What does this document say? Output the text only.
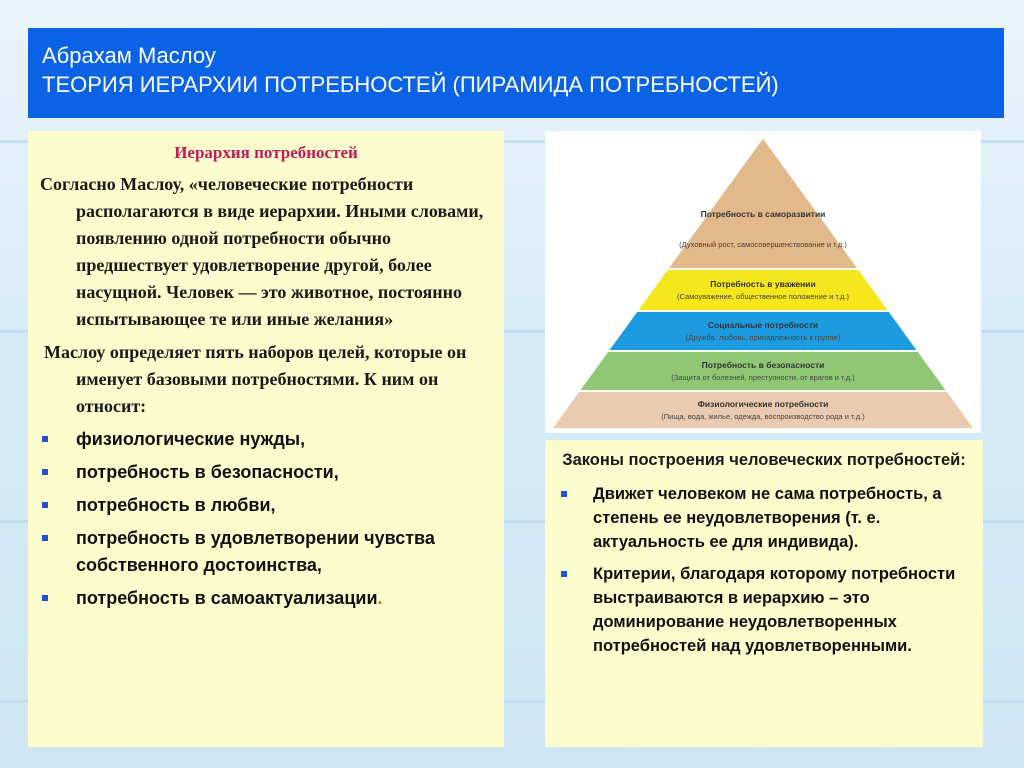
Абрахам Маслоу
ТЕОРИЯ ИЕРАРХИИ ПОТРЕБНОСТЕЙ (ПИРАМИДА ПОТРЕБНОСТЕЙ)
Иерархия потребностей

Согласно Маслоу, «человеческие потребности располагаются в виде иерархии. Иными словами, появлению одной потребности обычно предшествует удовлетворение другой, более насущной. Человек — это животное, постоянно испытывающее те или иные желания»

Маслоу определяет пять наборов целей, которые он именует базовыми потребностями. К ним он относит:

физиологические нужды,
потребность в безопасности,
потребность в любви,
потребность в удовлетворении чувства собственного достоинства,
потребность в самоактуализации.
Потребность в саморазвитии
(Духовный рост, самосовершенствование и т.д.)
Потребность в уважении
(Самоуважение, общественное положение и т.д.)
Социальные потребности
(Дружба, любовь, принадлежность к группе)
Потребность в безопасности
(Защита от болезней, преступности, от врагов и т.д.)
Физиологические потребности
(Пища, вода, жилье, одежда, воспроизводство рода и т.д.)
Законы построения человеческих потребностей:
Движет человеком не сама потребность, а степень ее неудовлетворения (т. е. актуальность ее для индивида).
Критерии, благодаря которому потребности выстраиваются в иерархию – это доминирование неудовлетворенных потребностей над удовлетворенными.
